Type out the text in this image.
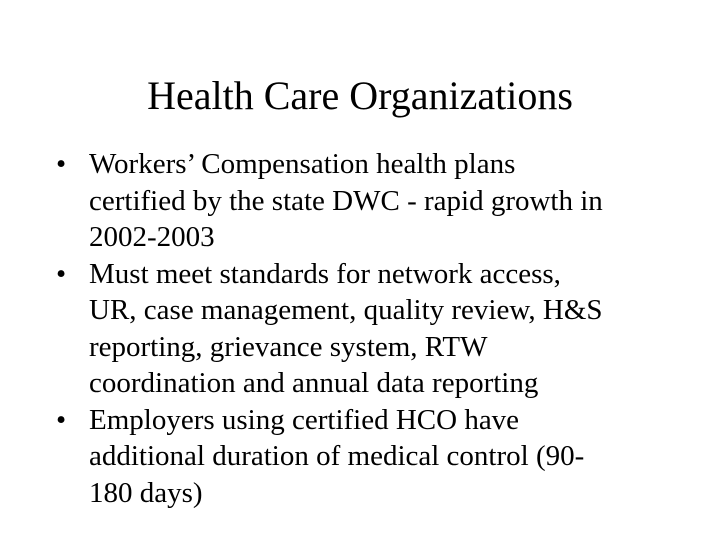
Health Care Organizations
• Workers’ Compensation health plans
certified by the state DWC - rapid growth in
2002-2003
• Must meet standards for network access,
UR, case management, quality review, H&S
reporting, grievance system, RTW
coordination and annual data reporting
• Employers using certified HCO have
additional duration of medical control (90-
180 days)
